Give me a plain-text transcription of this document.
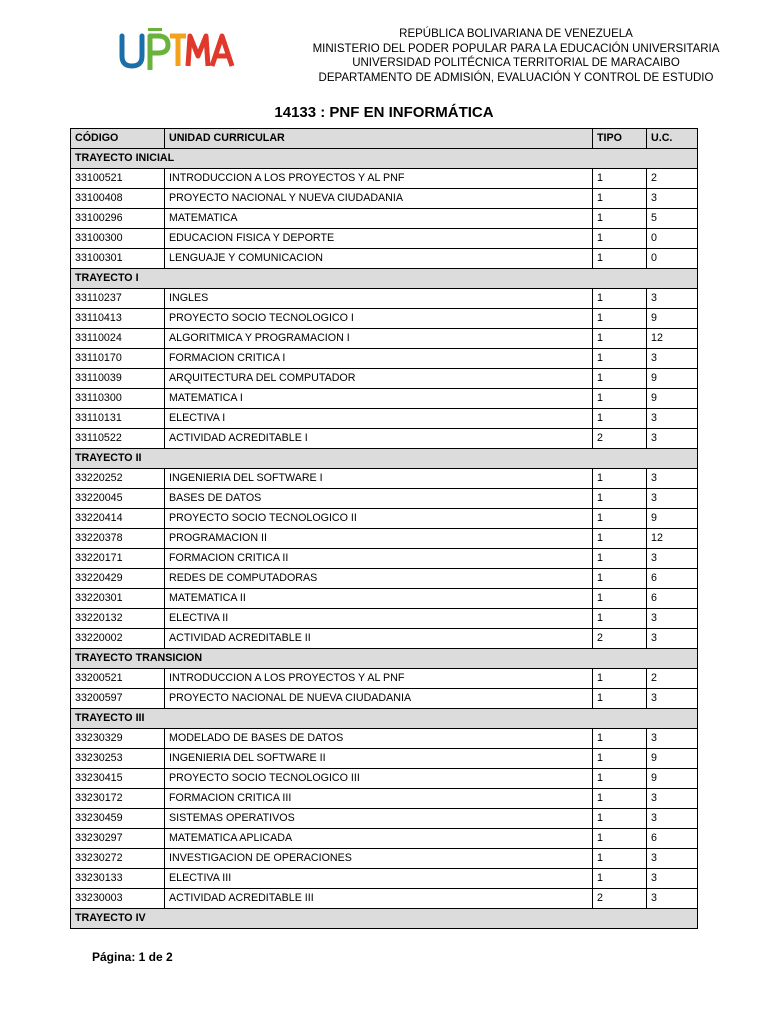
REPÚBLICA BOLIVARIANA DE VENEZUELA
MINISTERIO DEL PODER POPULAR PARA LA EDUCACIÓN UNIVERSITARIA
UNIVERSIDAD POLITÉCNICA TERRITORIAL DE MARACAIBO
DEPARTAMENTO DE ADMISIÓN, EVALUACIÓN Y CONTROL DE ESTUDIO
14133 : PNF EN INFORMÁTICA
CÓDIGO	UNIDAD CURRICULAR	TIPO	U.C.
TRAYECTO INICIAL			
33100521	INTRODUCCION A LOS PROYECTOS Y AL PNF	1	2
33100408	PROYECTO NACIONAL Y NUEVA CIUDADANIA	1	3
33100296	MATEMATICA	1	5
33100300	EDUCACION FISICA Y DEPORTE	1	0
33100301	LENGUAJE Y COMUNICACION	1	0
TRAYECTO I			
33110237	INGLES	1	3
33110413	PROYECTO SOCIO TECNOLOGICO I	1	9
33110024	ALGORITMICA Y PROGRAMACION I	1	12
33110170	FORMACION CRITICA I	1	3
33110039	ARQUITECTURA DEL COMPUTADOR	1	9
33110300	MATEMATICA I	1	9
33110131	ELECTIVA I	1	3
33110522	ACTIVIDAD ACREDITABLE I	2	3
TRAYECTO II			
33220252	INGENIERIA DEL SOFTWARE I	1	3
33220045	BASES DE DATOS	1	3
33220414	PROYECTO SOCIO TECNOLOGICO II	1	9
33220378	PROGRAMACION II	1	12
33220171	FORMACION CRITICA II	1	3
33220429	REDES DE COMPUTADORAS	1	6
33220301	MATEMATICA II	1	6
33220132	ELECTIVA II	1	3
33220002	ACTIVIDAD ACREDITABLE II	2	3
TRAYECTO TRANSICION			
33200521	INTRODUCCION A LOS PROYECTOS Y AL PNF	1	2
33200597	PROYECTO NACIONAL DE NUEVA CIUDADANIA	1	3
TRAYECTO III			
33230329	MODELADO DE BASES DE DATOS	1	3
33230253	INGENIERIA DEL SOFTWARE II	1	9
33230415	PROYECTO SOCIO TECNOLOGICO III	1	9
33230172	FORMACION CRITICA III	1	3
33230459	SISTEMAS OPERATIVOS	1	3
33230297	MATEMATICA APLICADA	1	6
33230272	INVESTIGACION DE OPERACIONES	1	3
33230133	ELECTIVA III	1	3
33230003	ACTIVIDAD ACREDITABLE III	2	3
TRAYECTO IV			
Página: 1 de 2
